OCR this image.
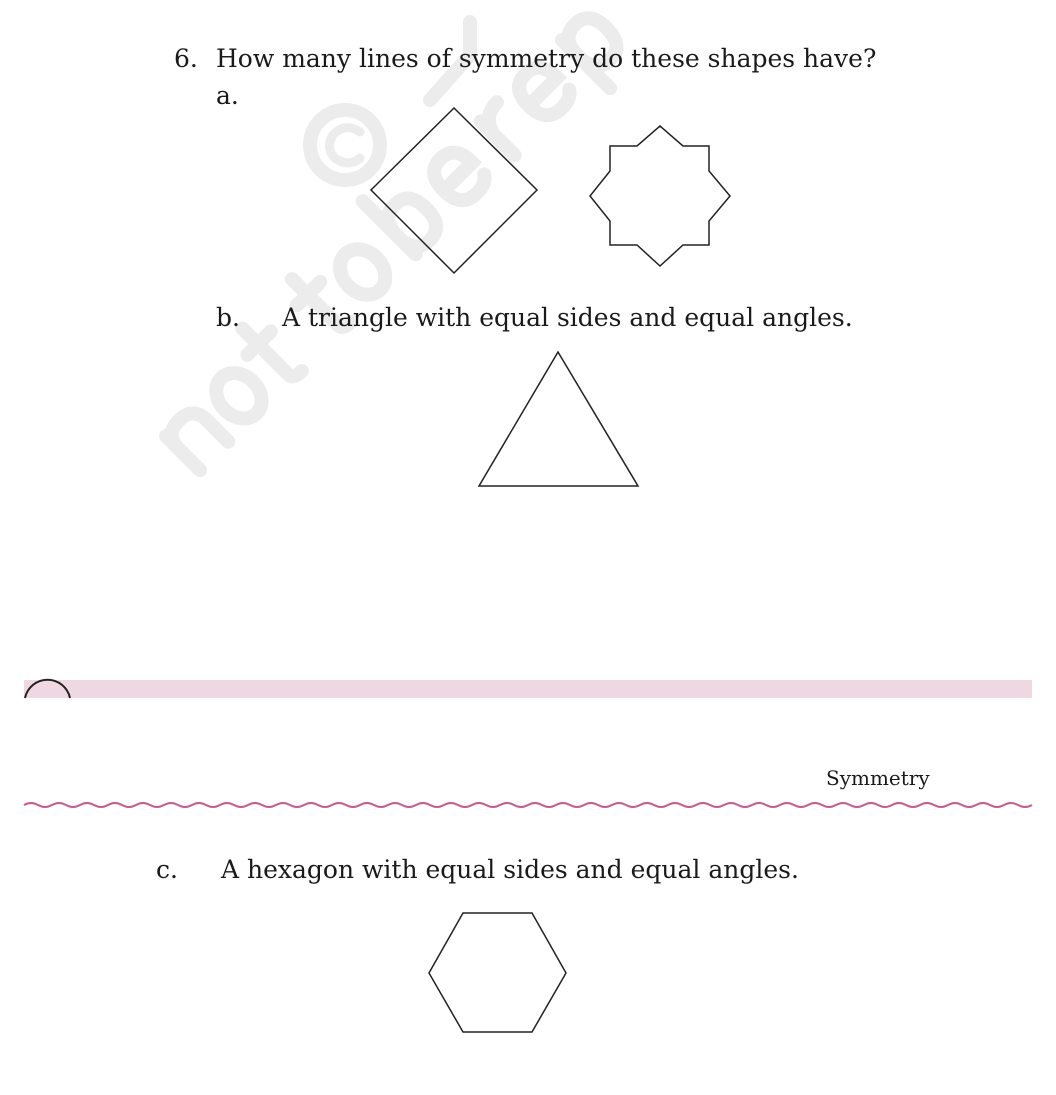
6. How many lines of symmetry do these shapes have?
a.
b. A triangle with equal sides and equal angles.
Symmetry
c. A hexagon with equal sides and equal angles.
